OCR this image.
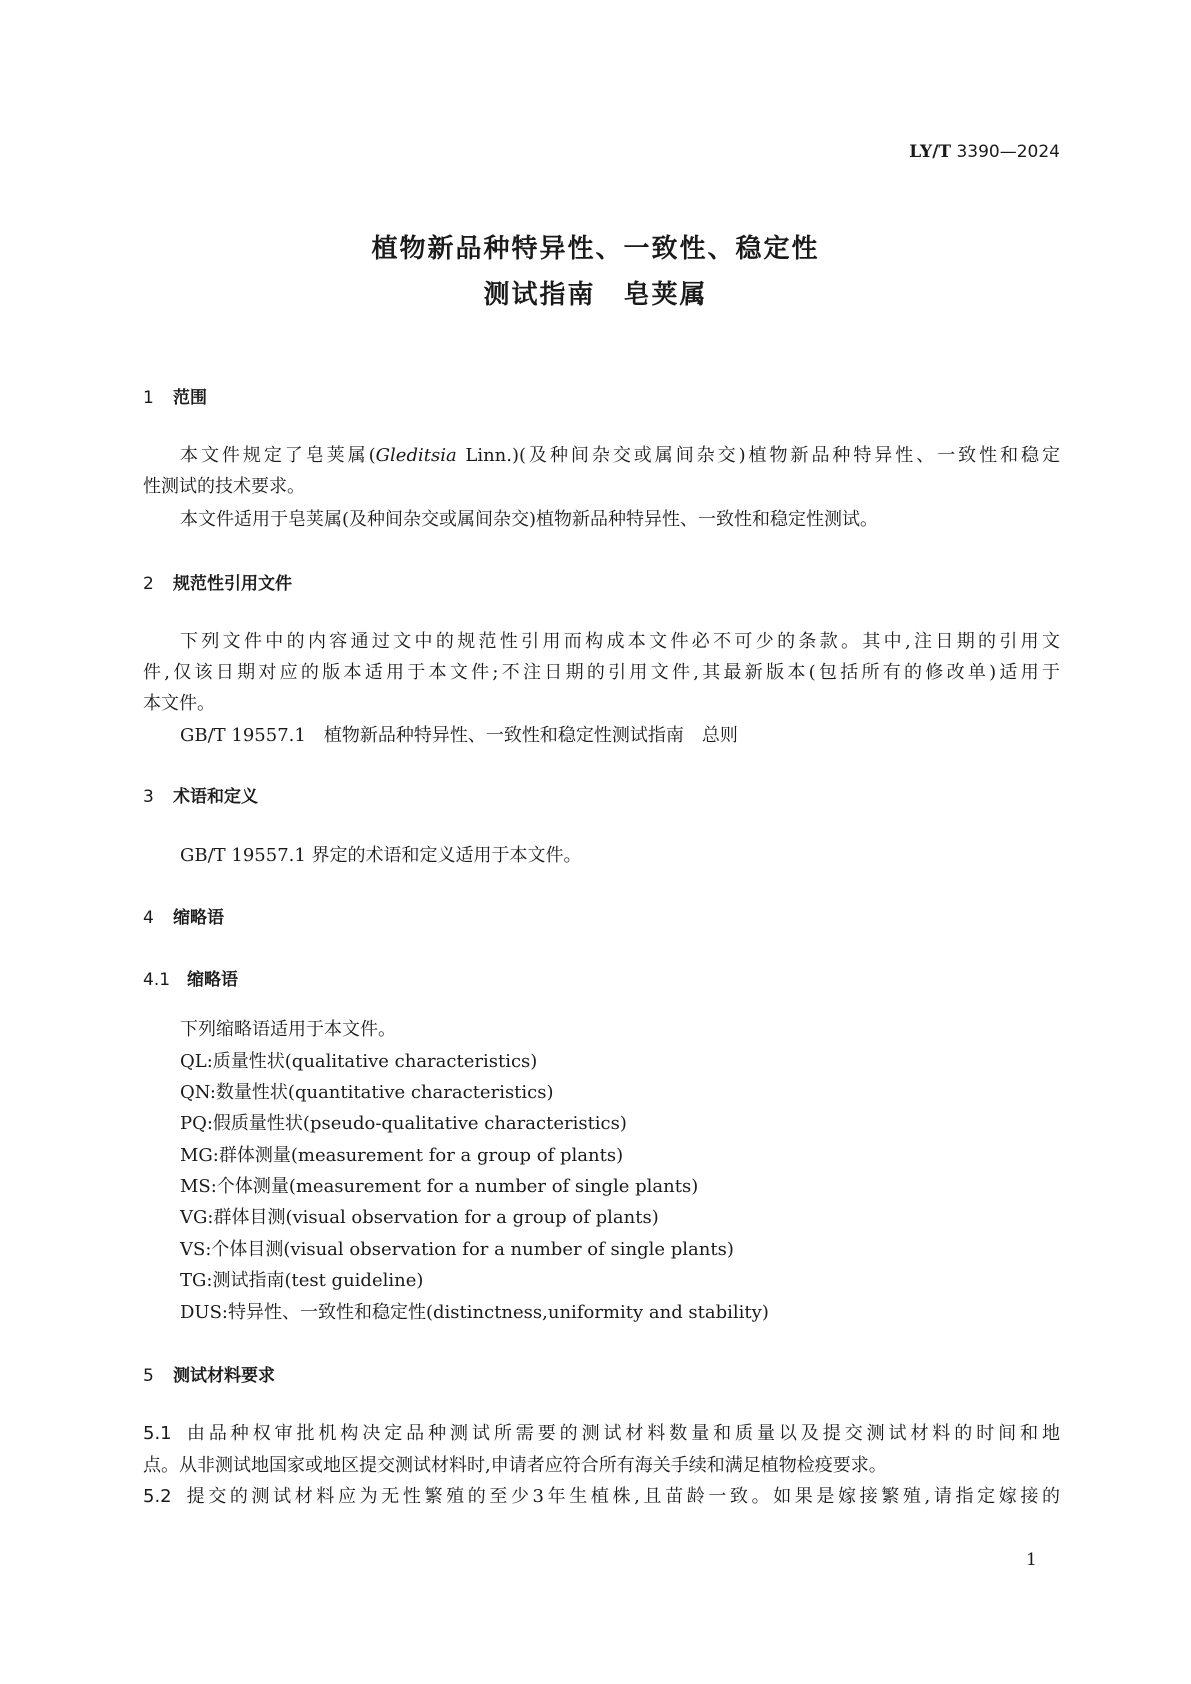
LY/T 3390—2024
植物新品种特异性、一致性、稳定性
测试指南　皂荚属
1 范围
本文件规定了皂荚属(Gleditsia Linn.)(及种间杂交或属间杂交)植物新品种特异性、一致性和稳定
性测试的技术要求。
本文件适用于皂荚属(及种间杂交或属间杂交)植物新品种特异性、一致性和稳定性测试。
2 规范性引用文件
下列文件中的内容通过文中的规范性引用而构成本文件必不可少的条款。其中,注日期的引用文
件,仅该日期对应的版本适用于本文件;不注日期的引用文件,其最新版本(包括所有的修改单)适用于
本文件。
GB/T 19557.1　植物新品种特异性、一致性和稳定性测试指南　总则
3 术语和定义
GB/T 19557.1 界定的术语和定义适用于本文件。
4 缩略语
4.1 缩略语
下列缩略语适用于本文件。
QL:质量性状(qualitative characteristics)
QN:数量性状(quantitative characteristics)
PQ:假质量性状(pseudo-qualitative characteristics)
MG:群体测量(measurement for a group of plants)
MS:个体测量(measurement for a number of single plants)
VG:群体目测(visual observation for a group of plants)
VS:个体目测(visual observation for a number of single plants)
TG:测试指南(test guideline)
DUS:特异性、一致性和稳定性(distinctness,uniformity and stability)
5 测试材料要求
5.1 由品种权审批机构决定品种测试所需要的测试材料数量和质量以及提交测试材料的时间和地
点。从非测试地国家或地区提交测试材料时,申请者应符合所有海关手续和满足植物检疫要求。
5.2 提交的测试材料应为无性繁殖的至少3年生植株,且苗龄一致。如果是嫁接繁殖,请指定嫁接的
1
